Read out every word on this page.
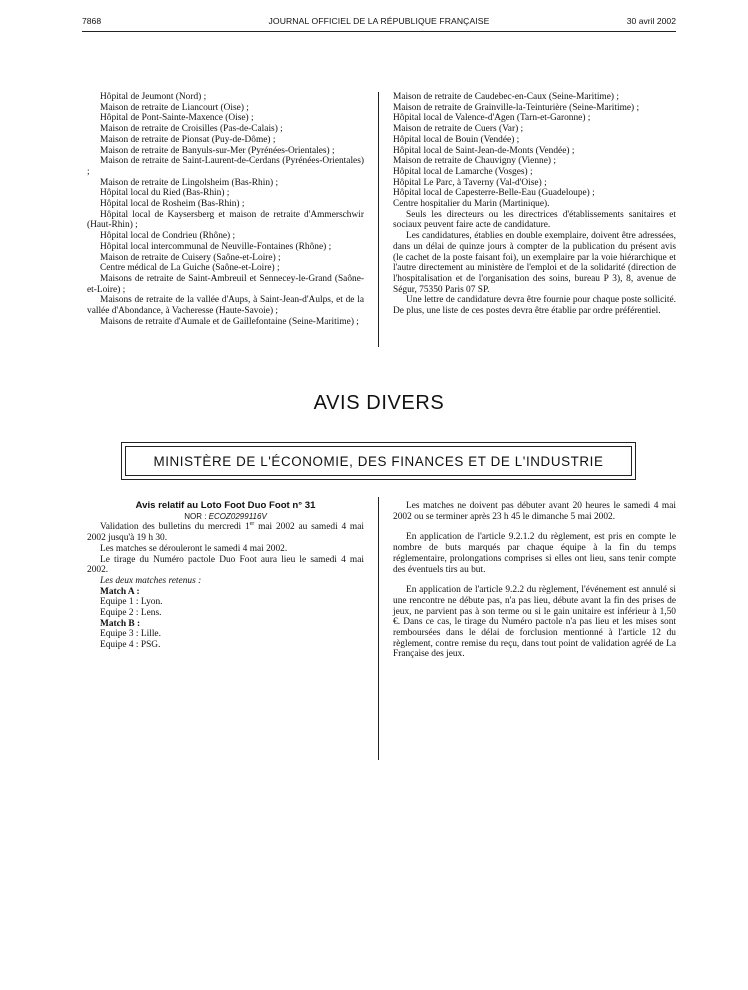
7868	JOURNAL OFFICIEL DE LA RÉPUBLIQUE FRANÇAISE	30 avril 2002

Hôpital de Jeumont (Nord) ;

Maison de retraite de Liancourt (Oise) ;

Hôpital de Pont-Sainte-Maxence (Oise) ;

Maison de retraite de Croisilles (Pas-de-Calais) ;

Maison de retraite de Pionsat (Puy-de-Dôme) ;

Maison de retraite de Banyuls-sur-Mer (Pyrénées-Orientales) ;

Maison de retraite de Saint-Laurent-de-Cerdans (Pyrénées-Orientales) ;

Maison de retraite de Lingolsheim (Bas-Rhin) ;

Hôpital local du Ried (Bas-Rhin) ;

Hôpital local de Rosheim (Bas-Rhin) ;

Hôpital local de Kaysersberg et maison de retraite d'Ammerschwir (Haut-Rhin) ;

Hôpital local de Condrieu (Rhône) ;

Hôpital local intercommunal de Neuville-Fontaines (Rhône) ;

Maison de retraite de Cuisery (Saône-et-Loire) ;

Centre médical de La Guiche (Saône-et-Loire) ;

Maisons de retraite de Saint-Ambreuil et Sennecey-le-Grand (Saône-et-Loire) ;

Maisons de retraite de la vallée d'Aups, à Saint-Jean-d'Aulps, et de la vallée d'Abondance, à Vacheresse (Haute-Savoie) ;

Maisons de retraite d'Aumale et de Gaillefontaine (Seine-Maritime) ;

Maison de retraite de Caudebec-en-Caux (Seine-Maritime) ;

Maison de retraite de Grainville-la-Teinturière (Seine-Maritime) ;

Hôpital local de Valence-d'Agen (Tarn-et-Garonne) ;

Maison de retraite de Cuers (Var) ;

Hôpital local de Bouin (Vendée) ;

Hôpital local de Saint-Jean-de-Monts (Vendée) ;

Maison de retraite de Chauvigny (Vienne) ;

Hôpital local de Lamarche (Vosges) ;

Hôpital Le Parc, à Taverny (Val-d'Oise) ;

Hôpital local de Capesterre-Belle-Eau (Guadeloupe) ;

Centre hospitalier du Marin (Martinique).

Seuls les directeurs ou les directrices d'établissements sanitaires et sociaux peuvent faire acte de candidature.

Les candidatures, établies en double exemplaire, doivent être adressées, dans un délai de quinze jours à compter de la publication du présent avis (le cachet de la poste faisant foi), un exemplaire par la voie hiérarchique et l'autre directement au ministère de l'emploi et de la solidarité (direction de l'hospitalisation et de l'organisation des soins, bureau P 3), 8, avenue de Ségur, 75350 Paris 07 SP.

Une lettre de candidature devra être fournie pour chaque poste sollicité. De plus, une liste de ces postes devra être établie par ordre préférentiel.

AVIS DIVERS
MINISTÈRE DE L'ÉCONOMIE, DES FINANCES ET DE L'INDUSTRIE

Avis relatif au Loto Foot Duo Foot n° 31

NOR : ECOZ0299116V

Validation des bulletins du mercredi 1er mai 2002 au samedi 4 mai 2002 jusqu'à 19 h 30.

Les matches se dérouleront le samedi 4 mai 2002.

Le tirage du Numéro pactole Duo Foot aura lieu le samedi 4 mai 2002.

Les deux matches retenus :

Match A :

Equipe 1 : Lyon.

Equipe 2 : Lens.

Match B :

Equipe 3 : Lille.

Equipe 4 : PSG.

Les matches ne doivent pas débuter avant 20 heures le samedi 4 mai 2002 ou se terminer après 23 h 45 le dimanche 5 mai 2002.

En application de l'article 9.2.1.2 du règlement, est pris en compte le nombre de buts marqués par chaque équipe à la fin du temps réglementaire, prolongations comprises si elles ont lieu, sans tenir compte des éventuels tirs au but.

En application de l'article 9.2.2 du règlement, l'événement est annulé si une rencontre ne débute pas, n'a pas lieu, débute avant la fin des prises de jeux, ne parvient pas à son terme ou si le gain unitaire est inférieur à 1,50 €. Dans ce cas, le tirage du Numéro pactole n'a pas lieu et les mises sont remboursées dans le délai de forclusion mentionné à l'article 12 du règlement, contre remise du reçu, dans tout point de validation agréé de La Française des jeux.
